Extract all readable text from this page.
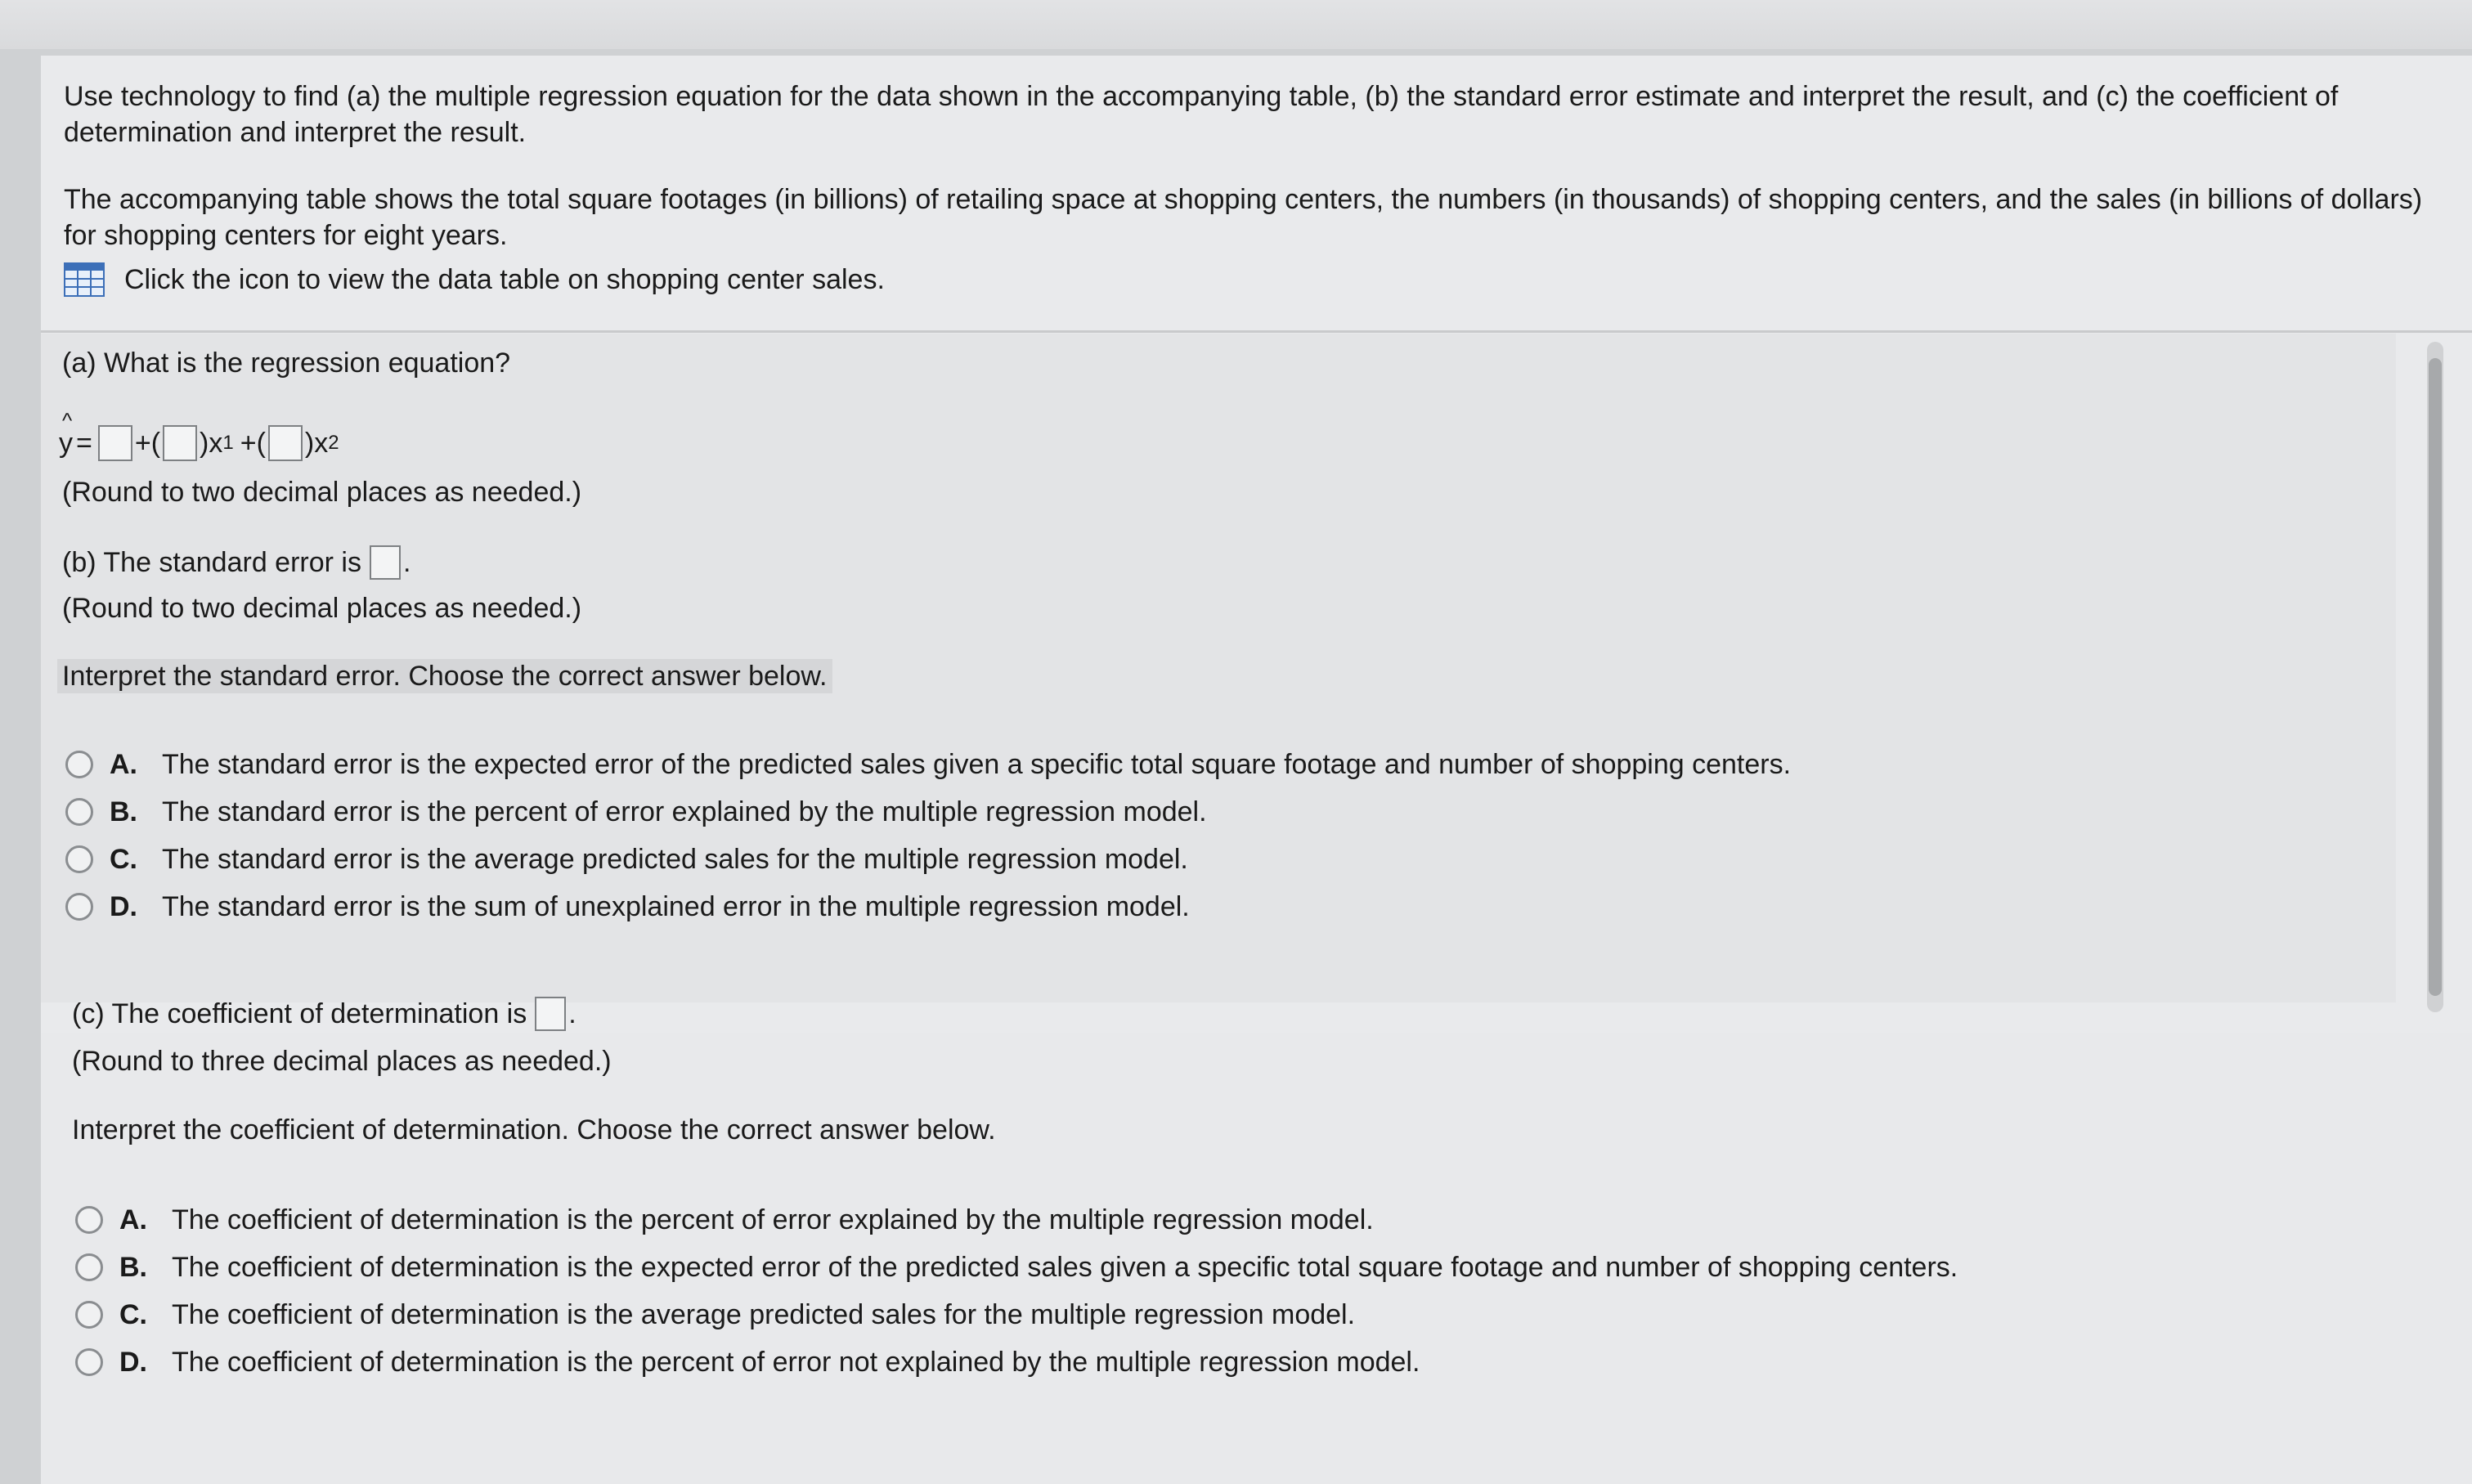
Use technology to find (a) the multiple regression equation for the data shown in the accompanying table, (b) the standard error estimate and interpret the result, and (c) the coefficient of determination and interpret the result.

The accompanying table shows the total square footages (in billions) of retailing space at shopping centers, the numbers (in thousands) of shopping centers, and the sales (in billions of dollars) for shopping centers for eight years.

Click the icon to view the data table on shopping center sales.
(a) What is the regression equation?
^ y = + ( ) x 1 + ( ) x 2
(Round to two decimal places as needed.)
(b) The standard error is .
(Round to two decimal places as needed.)
Interpret the standard error. Choose the correct answer below.
A. The standard error is the expected error of the predicted sales given a specific total square footage and number of shopping centers.
B. The standard error is the percent of error explained by the multiple regression model.
C. The standard error is the average predicted sales for the multiple regression model.
D. The standard error is the sum of unexplained error in the multiple regression model.
(c) The coefficient of determination is .
(Round to three decimal places as needed.)
Interpret the coefficient of determination. Choose the correct answer below.
A. The coefficient of determination is the percent of error explained by the multiple regression model.
B. The coefficient of determination is the expected error of the predicted sales given a specific total square footage and number of shopping centers.
C. The coefficient of determination is the average predicted sales for the multiple regression model.
D. The coefficient of determination is the percent of error not explained by the multiple regression model.
